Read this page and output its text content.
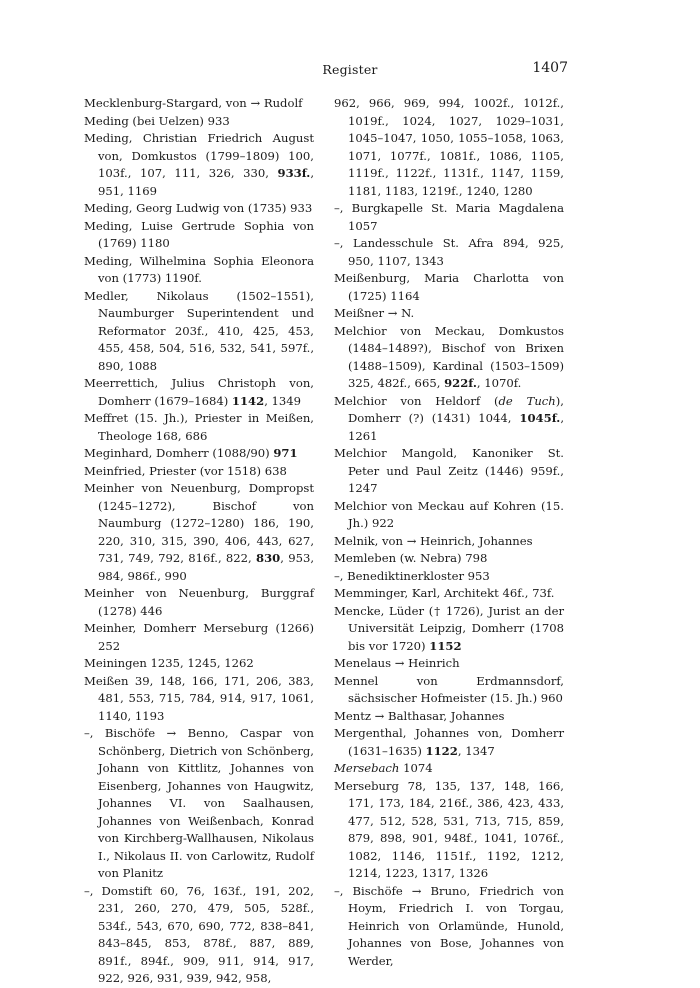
Register	1407

Mecklenburg-Stargard, von → Rudolf

Meding (bei Uelzen) 933

Meding, Christian Friedrich August von, Domkustos (1799–1809) 100, 103f., 107, 111, 326, 330, 933f., 951, 1169

Meding, Georg Ludwig von (1735) 933

Meding, Luise Gertrude Sophia von (1769) 1180

Meding, Wilhelmina Sophia Eleonora von (1773) 1190f.

Medler, Nikolaus (1502–1551), Naumburger Superintendent und Reformator 203f., 410, 425, 453, 455, 458, 504, 516, 532, 541, 597f., 890, 1088

Meerrettich, Julius Christoph von, Domherr (1679–1684) 1142, 1349

Meffret (15. Jh.), Priester in Meißen, Theologe 168, 686

Meginhard, Domherr (1088/90) 971

Meinfried, Priester (vor 1518) 638

Meinher von Neuenburg, Dompropst (1245–1272), Bischof von Naumburg (1272–1280) 186, 190, 220, 310, 315, 390, 406, 443, 627, 731, 749, 792, 816f., 822, 830, 953, 984, 986f., 990

Meinher von Neuenburg, Burggraf (1278) 446

Meinher, Domherr Merseburg (1266) 252

Meiningen 1235, 1245, 1262

Meißen 39, 148, 166, 171, 206, 383, 481, 553, 715, 784, 914, 917, 1061, 1140, 1193

–, Bischöfe → Benno, Caspar von Schönberg, Dietrich von Schönberg, Johann von Kittlitz, Johannes von Eisenberg, Johannes von Haugwitz, Johannes VI. von Saalhausen, Johannes von Weißenbach, Konrad von Kirchberg-Wallhausen, Nikolaus I., Nikolaus II. von Carlowitz, Rudolf von Planitz

–, Domstift 60, 76, 163f., 191, 202, 231, 260, 270, 479, 505, 528f., 534f., 543, 670, 690, 772, 838–841, 843–845, 853, 878f., 887, 889, 891f., 894f., 909, 911, 914, 917, 922, 926, 931, 939, 942, 958,

962, 966, 969, 994, 1002f., 1012f., 1019f., 1024, 1027, 1029–1031, 1045–1047, 1050, 1055–1058, 1063, 1071, 1077f., 1081f., 1086, 1105, 1119f., 1122f., 1131f., 1147, 1159, 1181, 1183, 1219f., 1240, 1280

–, Burgkapelle St. Maria Magdalena 1057

–, Landesschule St. Afra 894, 925, 950, 1107, 1343

Meißenburg, Maria Charlotta von (1725) 1164

Meißner → N.

Melchior von Meckau, Domkustos (1484–1489?), Bischof von Brixen (1488–1509), Kardinal (1503–1509) 325, 482f., 665, 922f., 1070f.

Melchior von Heldorf (de Tuch), Domherr (?) (1431) 1044, 1045f., 1261

Melchior Mangold, Kanoniker St. Peter und Paul Zeitz (1446) 959f., 1247

Melchior von Meckau auf Kohren (15. Jh.) 922

Melnik, von → Heinrich, Johannes

Memleben (w. Nebra) 798

–, Benediktinerkloster 953

Memminger, Karl, Architekt 46f., 73f.

Mencke, Lüder († 1726), Jurist an der Universität Leipzig, Domherr (1708 bis vor 1720) 1152

Menelaus → Heinrich

Mennel von Erdmannsdorf, sächsischer Hofmeister (15. Jh.) 960

Mentz → Balthasar, Johannes

Mergenthal, Johannes von, Domherr (1631–1635) 1122, 1347

Mersebach 1074

Merseburg 78, 135, 137, 148, 166, 171, 173, 184, 216f., 386, 423, 433, 477, 512, 528, 531, 713, 715, 859, 879, 898, 901, 948f., 1041, 1076f., 1082, 1146, 1151f., 1192, 1212, 1214, 1223, 1317, 1326

–, Bischöfe → Bruno, Friedrich von Hoym, Friedrich I. von Torgau, Heinrich von Orlamünde, Hunold, Johannes von Bose, Johannes von Werder,
